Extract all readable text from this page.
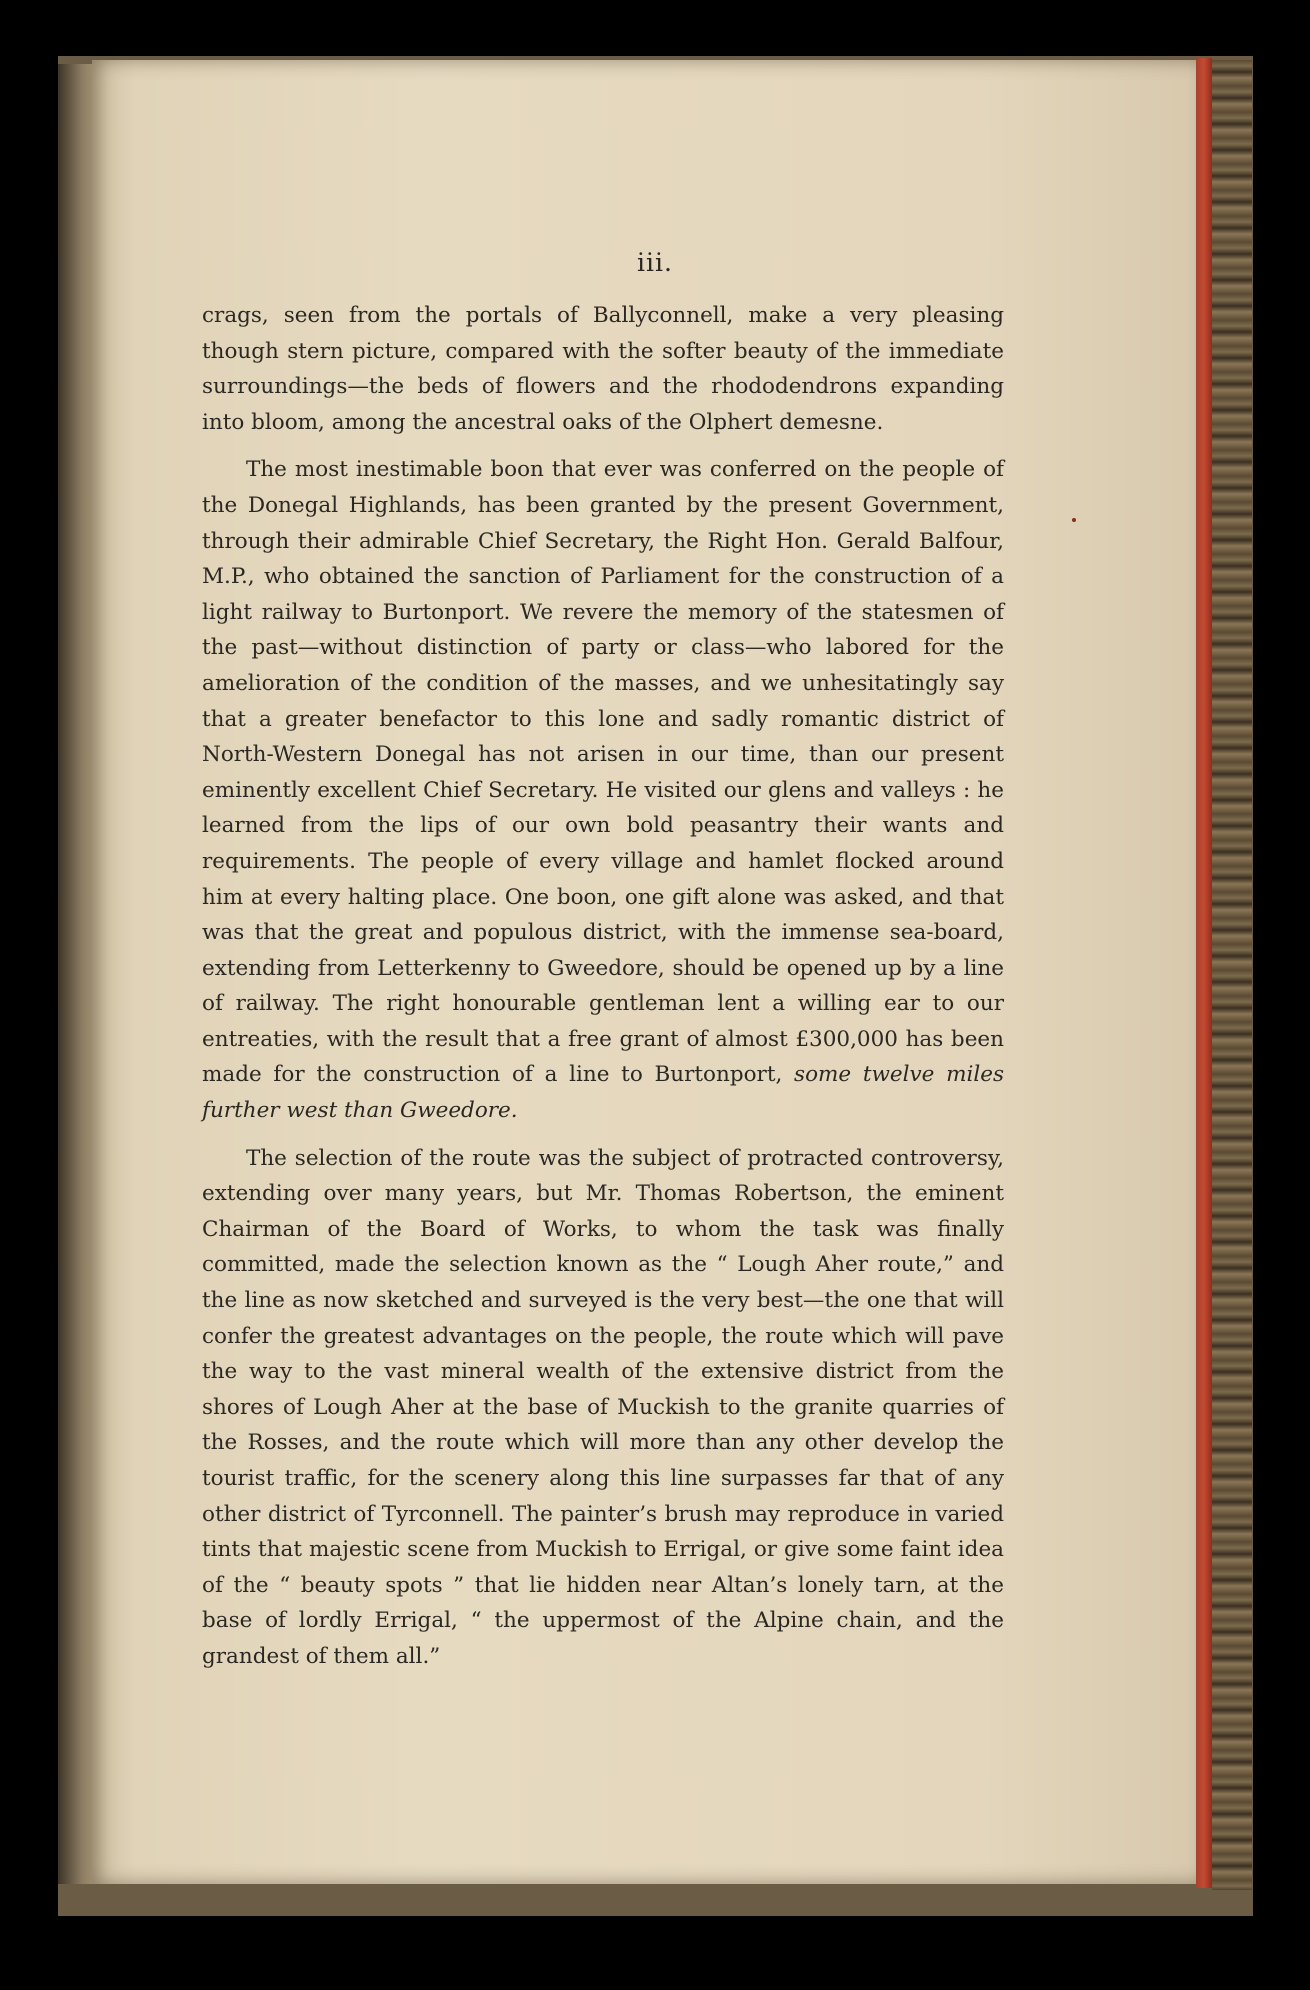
iii.

crags, seen from the portals of Ballyconnell, make a very pleasing though stern picture, compared with the softer beauty of the immediate surroundings—the beds of flowers and the rhododendrons expanding into bloom, among the ancestral oaks of the Olphert demesne.

The most inestimable boon that ever was conferred on the people of the Donegal Highlands, has been granted by the present Government, through their admirable Chief Secretary, the Right Hon. Gerald Balfour, M.P., who obtained the sanction of Parliament for the construction of a light railway to Burtonport. We revere the memory of the statesmen of the past—without distinction of party or class—who labored for the amelioration of the condition of the masses, and we unhesitatingly say that a greater benefactor to this lone and sadly romantic district of North-Western Donegal has not arisen in our time, than our present eminently excellent Chief Secretary. He visited our glens and valleys : he learned from the lips of our own bold peasantry their wants and requirements. The people of every village and hamlet flocked around him at every halting place. One boon, one gift alone was asked, and that was that the great and populous district, with the immense sea-board, extending from Letterkenny to Gweedore, should be opened up by a line of railway. The right honourable gentleman lent a willing ear to our entreaties, with the result that a free grant of almost £300,000 has been made for the construction of a line to Burtonport, some twelve miles further west than Gweedore.

The selection of the route was the subject of protracted controversy, extending over many years, but Mr. Thomas Robertson, the eminent Chairman of the Board of Works, to whom the task was finally committed, made the selection known as the “ Lough Aher route,” and the line as now sketched and surveyed is the very best—the one that will confer the greatest advantages on the people, the route which will pave the way to the vast mineral wealth of the extensive district from the shores of Lough Aher at the base of Muckish to the granite quarries of the Rosses, and the route which will more than any other develop the tourist traffic, for the scenery along this line surpasses far that of any other district of Tyrconnell. The painter’s brush may reproduce in varied tints that majestic scene from Muckish to Errigal, or give some faint idea of the “ beauty spots ” that lie hidden near Altan’s lonely tarn, at the base of lordly Errigal, “ the uppermost of the Alpine chain, and the grandest of them all.”
